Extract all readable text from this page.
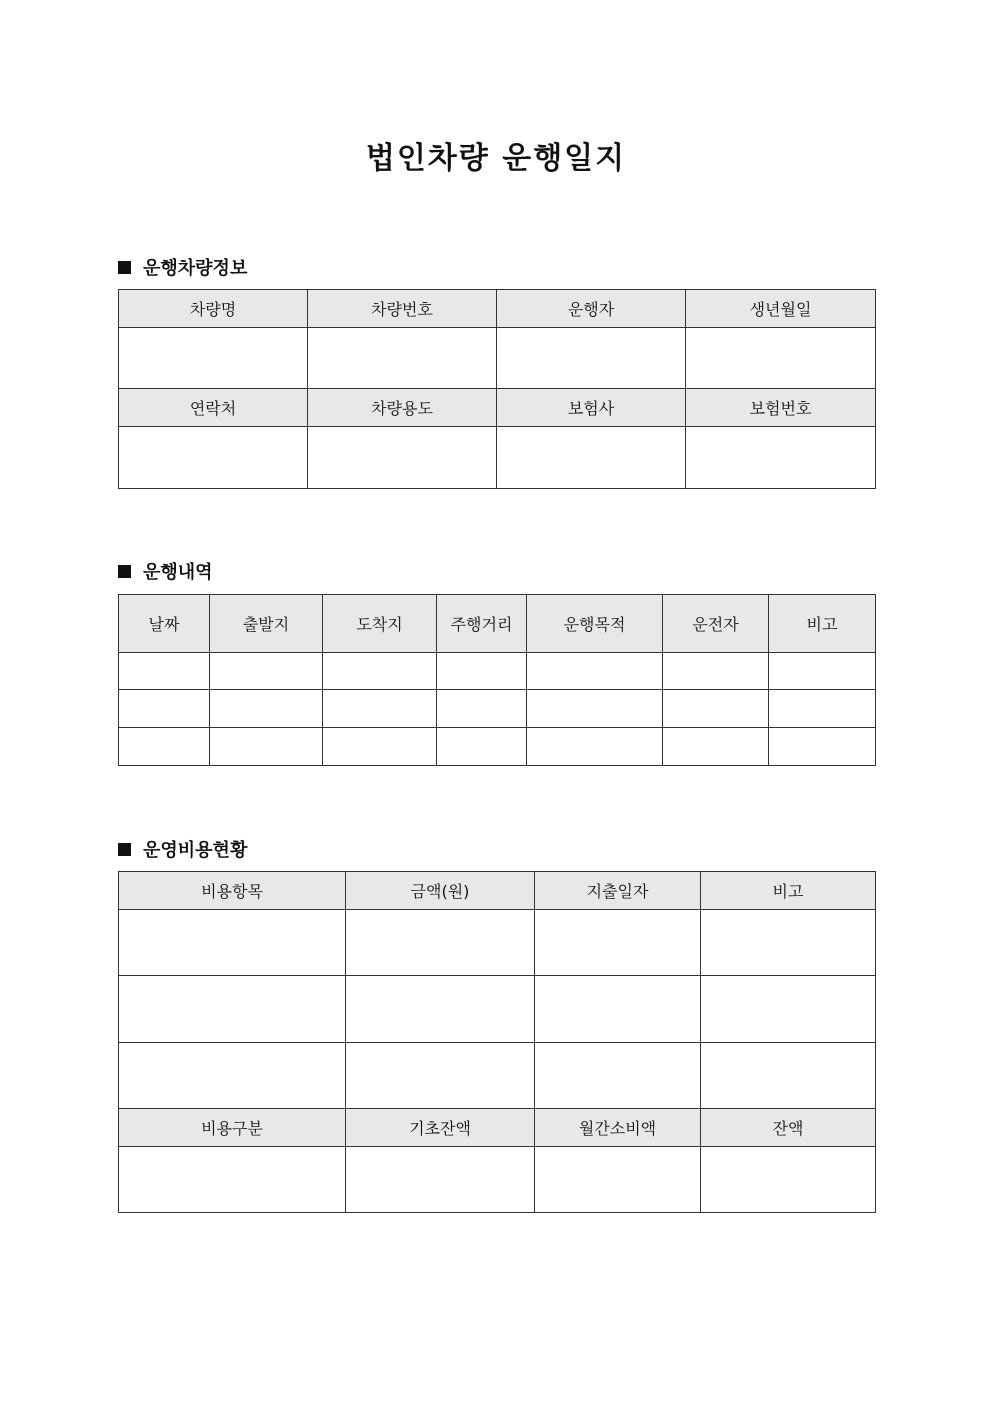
법인차량 운행일지
운행차량정보
차량명	차량번호	운행자	생년월일

연락처	차량용도	보험사	보험번호

운행내역
날짜	출발지	도착지	주행거리	운행목적	운전자	비고

운영비용현황
비용항목	금액(원)	지출일자	비고

비용구분	기초잔액	월간소비액	잔액
